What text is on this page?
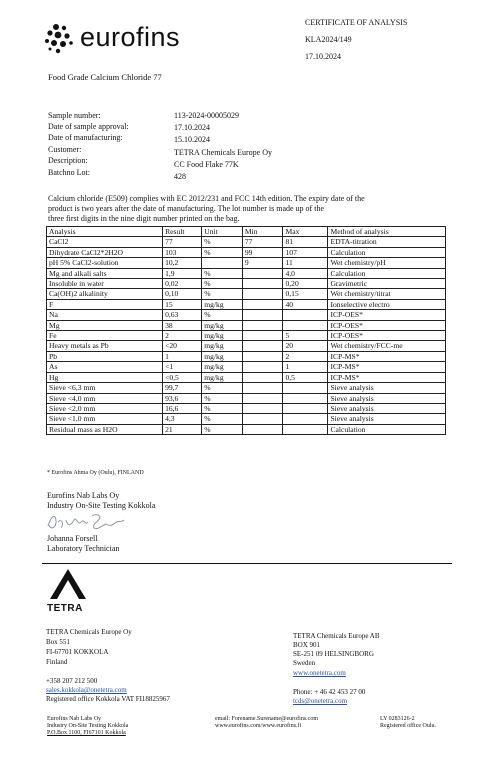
eurofins	CERTIFICATE OF ANALYSIS
KLA2024/149
17.10.2024
Food Grade Calcium Chloride 77
Sample number:	113-2024-00005029
Date of sample approval:	17.10.2024
Date of manufacturing:	15.10.2024
Customer:	TETRA Chemicals Europe Oy
Description:	CC Food Flake 77K
Batchno Lot:	428
Calcium chloride (E509) complies with EC 2012/231 and FCC 14th edition. The expiry date of the
product is two years after the date of manufacturing. The lot number is made up of the
three first digits in the nine digit number printed on the bag.
Analysis	Result	Unit	Min	Max	Method of analysis
CaCl2	77	%	77	81	EDTA-titration
Dihydrate CaCl2*2H2O	103	%	99	107	Calculation
pH 5% CaCl2-solution	10,2		9	11	Wet chemistry/pH
Mg and alkali salts	1,9	%		4,0	Calculation
Insoluble in water	0,02	%		0,20	Gravimetric
Ca(OH)2 alkalinity	0,10	%		0,15	Wet chemistry/titrat
F	15	mg/kg		40	Ionselective electro
Na	0,63	%			ICP-OES*
Mg	38	mg/kg			ICP-OES*
Fe	2	mg/kg		5	ICP-OES*
Heavy metals as Pb	<20	mg/kg		20	Wet chemistry/FCC-me
Pb	1	mg/kg		2	ICP-MS*
As	<1	mg/kg		1	ICP-MS*
Hg	<0,5	mg/kg		0,5	ICP-MS*
Sieve <6,3 mm	99,7	%			Sieve analysis
Sieve <4,0 mm	93,6	%			Sieve analysis
Sieve <2,0 mm	16,6	%			Sieve analysis
Sieve <1,0 mm	4,3	%			Sieve analysis
Residual mass as H2O	21	%			Calculation
* Eurofins Ahma Oy (Oulu), FINLAND
Eurofins Nab Labs Oy
Industry On-Site Testing Kokkola
Johanna Forsell
Laboratory Technician
TETRA
TETRA Chemicals Europe Oy
Box 551
FI-67701 KOKKOLA
Finland
+358 207 212 500
sales.kokkola@onetetra.com
Registered office Kokkola VAT FI18825967
TETRA Chemicals Europe AB
BOX 901
SE-251 09 HELSINGBORG
Sweden
www.onetetra.com
Phone: + 46 42 453 27 00
tcds@onetetra.com
Eurofins Nab Labs Oy
Industry On-Site Testing Kokkola
P.O.Box 1100, FI67101 Kokkola
email: Forename.Surename@eurofins.com
www.eurofins.com/www.eurofins.fi
LY 0283126-2
Registered office Oulu.
